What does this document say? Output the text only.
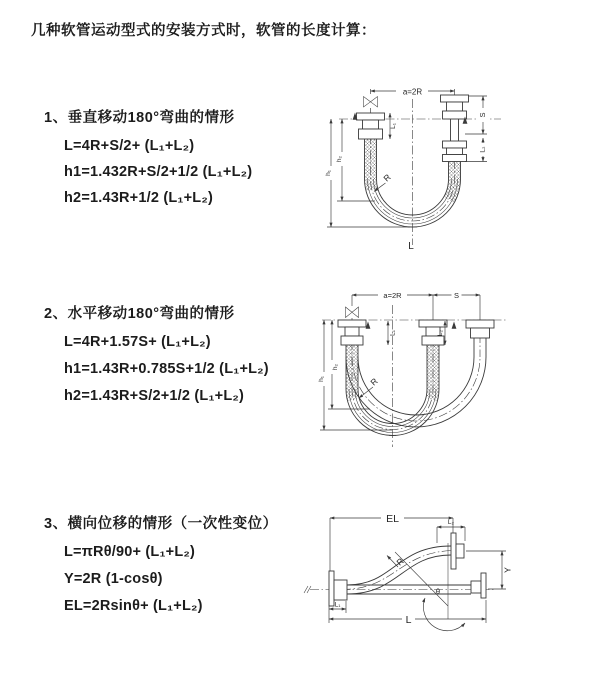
几种软管运动型式的安装方式时，软管的长度计算：
1、垂直移动180°弯曲的情形
L=4R+S/2+ (L₁+L₂)
h1=1.432R+S/2+1/2 (L₁+L₂)
h2=1.43R+1/2 (L₁+L₂)
2、水平移动180°弯曲的情形
L=4R+1.57S+ (L₁+L₂)
h1=1.43R+0.785S+1/2 (L₁+L₂)
h2=1.43R+S/2+1/2 (L₁+L₂)
3、横向位移的情形（一次性变位）
L=πRθ/90+ (L₁+L₂)
Y=2R (1-cosθ)
EL=2Rsinθ+ (L₁+L₂)
a=2R
L₁
S
L₂
h₂
h₁	R
L
a=2R	S
L₁	L₂
h₂
h₁	R
EL	L₂
θ
R
Y
L
L₁
